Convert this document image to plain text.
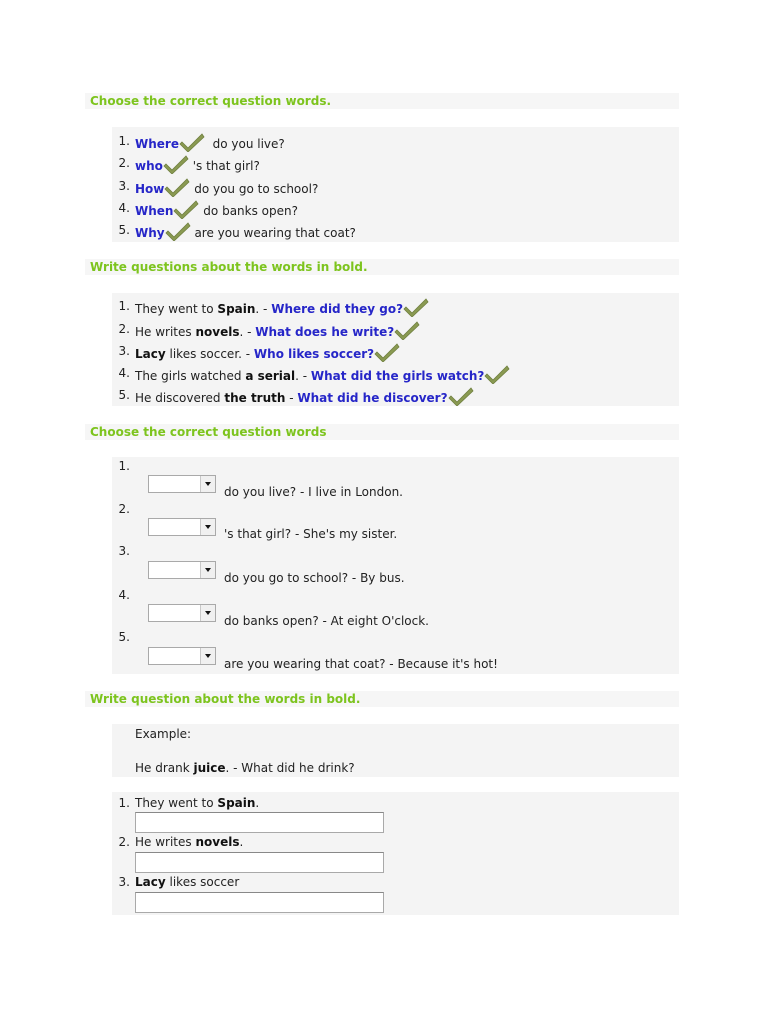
Choose the correct question words.
1. Where	do you live?
2. who 's that girl?
3. How do you go to school?
4. When do banks open?
5. Why are you wearing that coat?
Write questions about the words in bold.
1. They went to Spain. - Where did they go?
2. He writes novels. - What does he write?
3. Lacy likes soccer. - Who likes soccer?
4. The girls watched a serial. - What did the girls watch?
5. He discovered the truth - What did he discover?
Choose the correct question words
1.
do you live? - I live in London.
2.
's that girl? - She's my sister.
3.
do you go to school? - By bus.
4.
do banks open? - At eight O'clock.
5.
are you wearing that coat? - Because it's hot!
Write question about the words in bold.
Example:
He drank juice. - What did he drink?
1. They went to Spain.
2. He writes novels.
3. Lacy likes soccer
